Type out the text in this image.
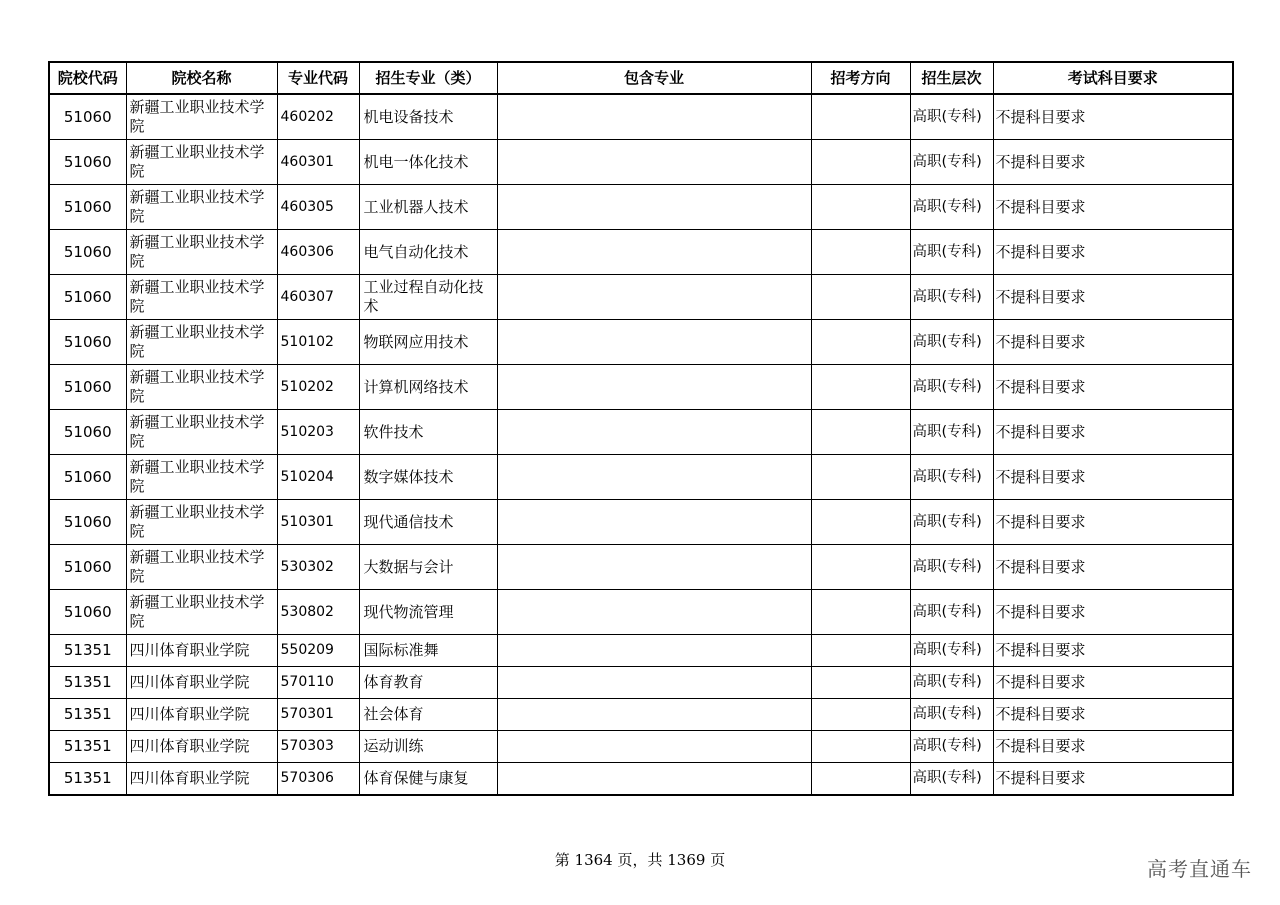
院校代码	院校名称	专业代码	招生专业（类）	包含专业	招考方向	招生层次	考试科目要求
51060	新疆工业职业技术学院	460202	机电设备技术			高职(专科)	不提科目要求
51060	新疆工业职业技术学院	460301	机电一体化技术			高职(专科)	不提科目要求
51060	新疆工业职业技术学院	460305	工业机器人技术			高职(专科)	不提科目要求
51060	新疆工业职业技术学院	460306	电气自动化技术			高职(专科)	不提科目要求
51060	新疆工业职业技术学院	460307	工业过程自动化技术			高职(专科)	不提科目要求
51060	新疆工业职业技术学院	510102	物联网应用技术			高职(专科)	不提科目要求
51060	新疆工业职业技术学院	510202	计算机网络技术			高职(专科)	不提科目要求
51060	新疆工业职业技术学院	510203	软件技术			高职(专科)	不提科目要求
51060	新疆工业职业技术学院	510204	数字媒体技术			高职(专科)	不提科目要求
51060	新疆工业职业技术学院	510301	现代通信技术			高职(专科)	不提科目要求
51060	新疆工业职业技术学院	530302	大数据与会计			高职(专科)	不提科目要求
51060	新疆工业职业技术学院	530802	现代物流管理			高职(专科)	不提科目要求
51351	四川体育职业学院	550209	国际标准舞			高职(专科)	不提科目要求
51351	四川体育职业学院	570110	体育教育			高职(专科)	不提科目要求
51351	四川体育职业学院	570301	社会体育			高职(专科)	不提科目要求
51351	四川体育职业学院	570303	运动训练			高职(专科)	不提科目要求
51351	四川体育职业学院	570306	体育保健与康复			高职(专科)	不提科目要求
第 1364 页，共 1369 页	高考直通车
